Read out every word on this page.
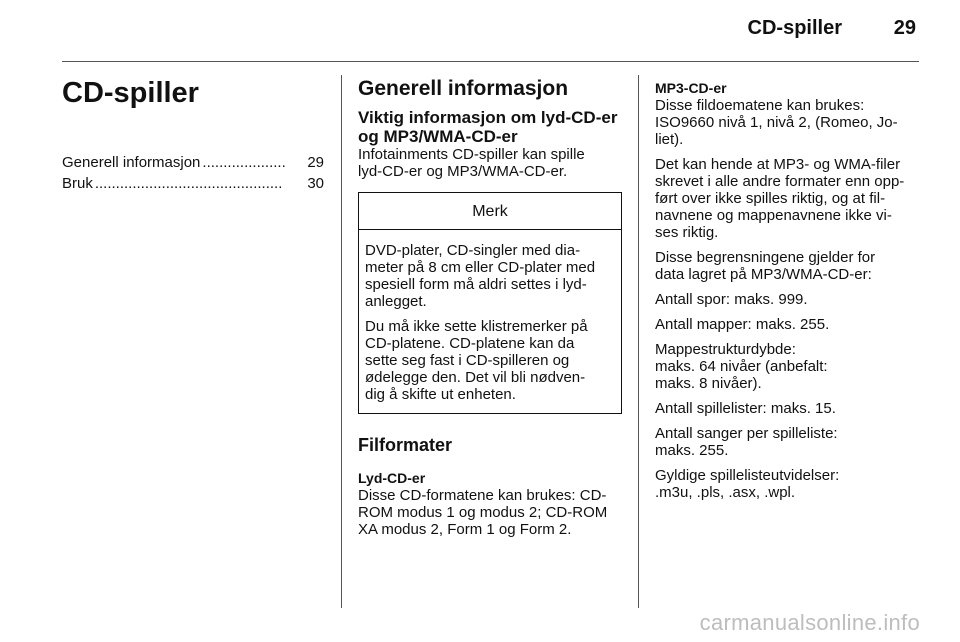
CD-spiller	29
CD-spiller
Generell informasjon ....................	29
Bruk .............................................	30
Generell informasjon
Viktig informasjon om lyd-CD-er
og MP3/WMA-CD-er
Infotainments CD-spiller kan spille
lyd-CD-er og MP3/WMA-CD-er.
Merk

DVD-plater, CD-singler med dia-
meter på 8 cm eller CD-plater med
spesiell form må aldri settes i lyd-
anlegget.

Du må ikke sette klistremerker på
CD-platene. CD-platene kan da
sette seg fast i CD-spilleren og
ødelegge den. Det vil bli nødven-
dig å skifte ut enheten.

Filformater
Lyd-CD-er

Disse CD-formatene kan brukes: CD-
ROM modus 1 og modus 2; CD-ROM
XA modus 2, Form 1 og Form 2.

MP3-CD-er

Disse fildoematene kan brukes:
ISO9660 nivå 1, nivå 2, (Romeo, Jo-
liet).

Det kan hende at MP3- og WMA-filer
skrevet i alle andre formater enn opp-
ført over ikke spilles riktig, og at fil-
navnene og mappenavnene ikke vi-
ses riktig.

Disse begrensningene gjelder for
data lagret på MP3/WMA-CD-er:

Antall spor: maks. 999.

Antall mapper: maks. 255.

Mappestrukturdybde:
maks. 64 nivåer (anbefalt:
maks. 8 nivåer).

Antall spillelister: maks. 15.

Antall sanger per spilleliste:
maks. 255.

Gyldige spillelisteutvidelser:
.m3u, .pls, .asx, .wpl.

carmanualsonline.info
